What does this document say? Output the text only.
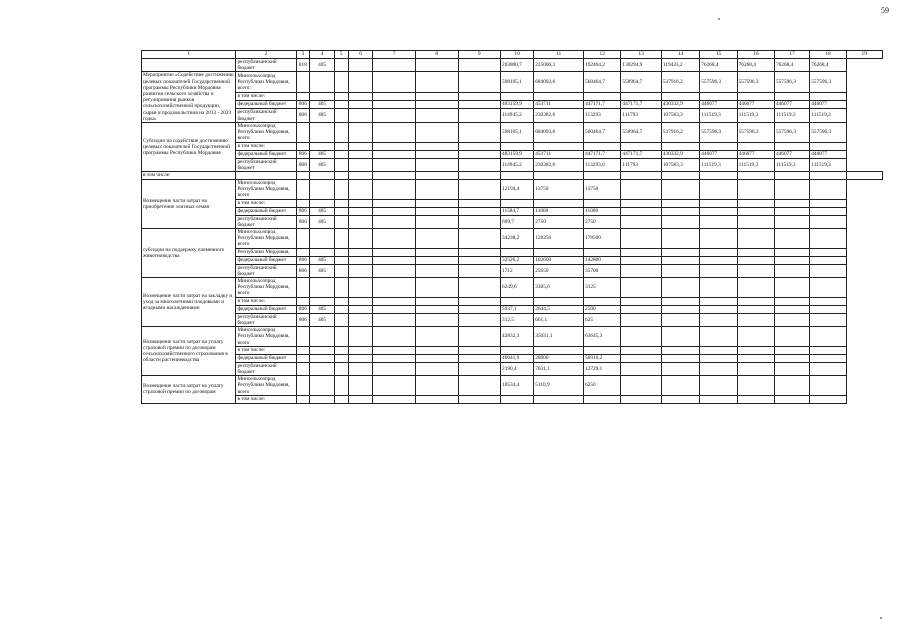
59
1	2	3	4	5	6	7	8	9	10	11	12	13	14	15	16	17	18	19
	республиканский бюджет	818	405						203800,7	225000,3	192464,2	130294,9	119433,2	76268,4	76268,4	76268,4	76268,4	
Мероприятие «Содействие достижению целевых показателей Государственной программы Республики Мордовия развития сельского хозяйства и регулирования рынков сельскохозяйственной продукции, сырья и продовольствия на 2013 - 2023 годы»	Минсельхозпрод Республики Мордовия, всего:								598105,1	684093,6	560464,7	558964,7	537916,2	557596,3	557596,3	557596,3	557596,3	
	в том числе:																	
	федеральный бюджет	806	405						483159,9	453711	447171,7	447171,7	430332,9	446077	446077	446077	446077	
	республиканский бюджет	806	405						114945,2	230382,6	113293	111793	107583,3	111519,3	111519,3	111519,3	111519,3	
Субсидии на содействие достижению целевых показателей Государственной программы Республики Мордовия	Минсельхозпрод Республики Мордовия, всего:								598105,1	684093,6	560464,7	558964,7	537916,2	557596,3	557596,3	557596,3	557596,3	
	в том числе:																	
	федеральный бюджет	806	405						483159,9	453711	447171,7	447171,7	430332,9	446077	446077	446077	446077	
	республиканский бюджет	806	405						114945,2	230382,6	113293,0	111793	107583,3	111519,3	111519,3	111519,3	111519,3	
в том числе:																		
Возмещение части затрат на приобретение элитных семян	Минсельхозпрод Республики Мордовия, всего								12194,4	13750	13750							
	в том числе:																	
	федеральный бюджет	806	405						11584,7	11000	11000							
	республиканский бюджет	806	405						609,7	2750	2750							
субсидии на поддержку племенного животноводства	Минсельхозпрод Республики Мордовия, всего								34238,2	128250	178500							
	Республики Мордовия,																	
	федеральный бюджет	806	405						32526,2	102600	142800							
	республиканский бюджет	806	405						1712	25650	35700							
Возмещение части затрат на закладку и уход за многолетними плодовыми и ягодными насаждениями	Минсельхозпрод Республики Мордовия, всего								6249,6	3305,6	3125							
	в том числе:																	
	федеральный бюджет	806	405						5937,1	2644,5	2500							
	республиканский бюджет	806	405						312,5	661,1	625							
Возмещение части затрат на уплату страховой премии по договорам сельскохозяйственного страхования в области растениеводства	Минсельхозпрод Республики Мордовия, всего								42832,3	35031,1	63645,3							
	в том числе:																	
	федеральный бюджет								40641,9	28000	50916,2							
	республиканский бюджет								2190,4	7031,1	12729,1							
Возмещение части затрат на уплату страховой премии по договорам	Минсельхозпрод Республики Мордовия, всего								10534,4	5110,9	6250							
	в том числе:																	
